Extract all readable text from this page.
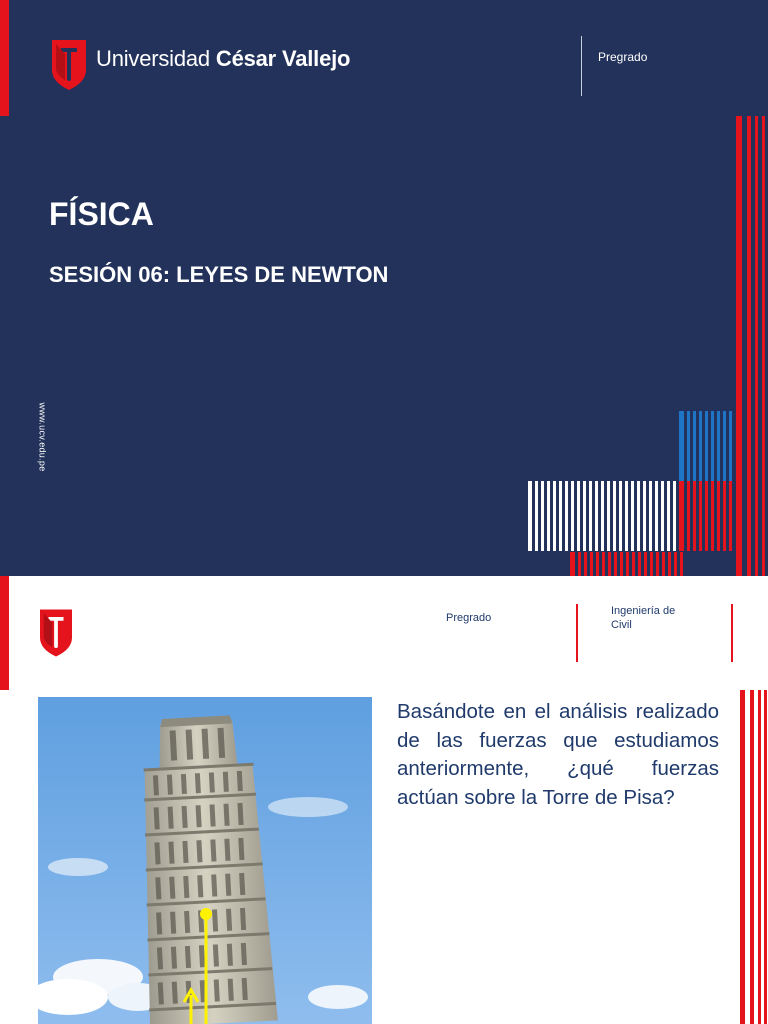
Universidad César Vallejo	Pregrado
FÍSICA
SESIÓN 06: LEYES DE NEWTON
www.ucv.edu.pe
Pregrado
Ingeniería de
Civil
Basándote en el análisis realizado de las fuerzas que estudiamos anteriormente, ¿qué fuerzas actúan sobre la Torre de Pisa?
